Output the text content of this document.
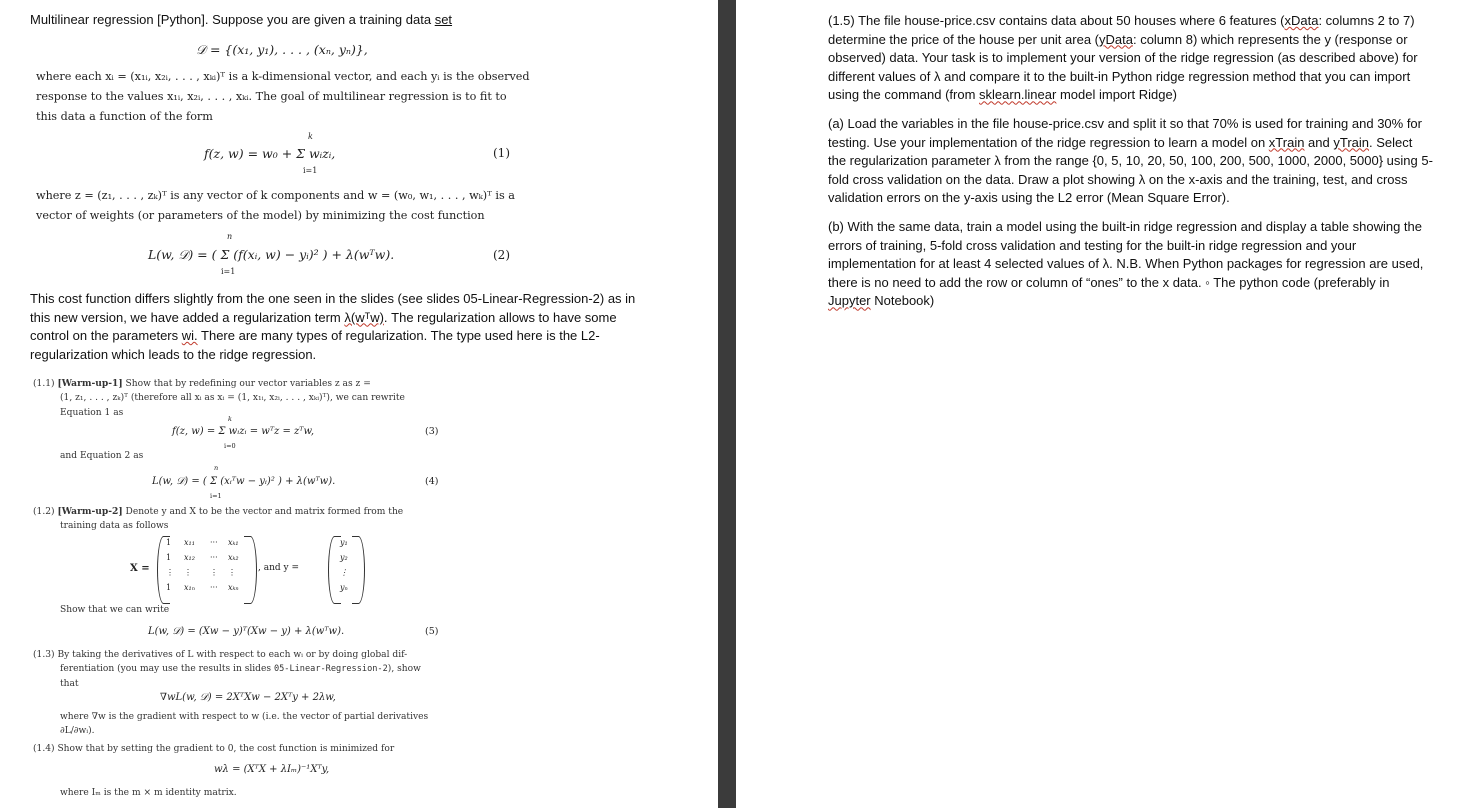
Multilinear regression [Python]. Suppose you are given a training data set
𝒟 = {(x₁, y₁), . . . , (xₙ, yₙ)},
where each xᵢ = (x₁ᵢ, x₂ᵢ, . . . , xₖᵢ)ᵀ is a k-dimensional vector, and each yᵢ is the observed
response to the values x₁ᵢ, x₂ᵢ, . . . , xₖᵢ. The goal of multilinear regression is to fit to
this data a function of the form
f(z, w) = w₀ + Σ wᵢzᵢ,
k
i=1
(1)
where z = (z₁, . . . , zₖ)ᵀ is any vector of k components and w = (w₀, w₁, . . . , wₖ)ᵀ is a
vector of weights (or parameters of the model) by minimizing the cost function
L(w, 𝒟) = ( Σ (f(xᵢ, w) − yᵢ)² ) + λ(wᵀw).
n
i=1
(2)
This cost function differs slightly from the one seen in the slides (see slides 05-Linear-Regression-2) as in
this new version, we have added a regularization term λ(wᵀw). The regularization allows to have some
control on the parameters wi. There are many types of regularization. The type used here is the L2-
regularization which leads to the ridge regression.
(1.1) [Warm-up-1] Show that by redefining our vector variables z as z =
(1, z₁, . . . , zₖ)ᵀ (therefore all xᵢ as xᵢ = (1, x₁ᵢ, x₂ᵢ, . . . , xₖᵢ)ᵀ), we can rewrite
Equation 1 as
f(z, w) = Σ wᵢzᵢ = wᵀz = zᵀw,
k
i=0
(3)
and Equation 2 as
L(w, 𝒟) = ( Σ (xᵢᵀw − yᵢ)² ) + λ(wᵀw).
n
i=1
(4)
(1.2) [Warm-up-2] Denote y and X to be the vector and matrix formed from the
training data as follows
X =
1 x₁₁ ··· xₖ₁
1 x₁₂ ··· xₖ₂
⋮ ⋮ ⋮ ⋮
1 x₁ₙ ··· xₖₙ
, and y =
y₁
y₂
⋮
yₙ
Show that we can write
L(w, 𝒟) = (Xw − y)ᵀ(Xw − y) + λ(wᵀw).	(5)
(1.3) By taking the derivatives of L with respect to each wᵢ or by doing global dif-
ferentiation (you may use the results in slides 05-Linear-Regression-2), show
that
∇wL(w, 𝒟) = 2XᵀXw − 2Xᵀy + 2λw,
where ∇w is the gradient with respect to w (i.e. the vector of partial derivatives
∂L/∂wᵢ).
(1.4) Show that by setting the gradient to 0, the cost function is minimized for
wλ = (XᵀX + λIₘ)⁻¹Xᵀy,
where Iₘ is the m × m identity matrix.
(1.5) The file house-price.csv contains data about 50 houses where 6 features (xData: columns 2 to 7)
determine the price of the house per unit area (yData: column 8) which represents the y (response or
observed) data. Your task is to implement your version of the ridge regression (as described above) for
different values of λ and compare it to the built-in Python ridge regression method that you can import
using the command (from sklearn.linear model import Ridge)
(a) Load the variables in the file house-price.csv and split it so that 70% is used for training and 30% for
testing. Use your implementation of the ridge regression to learn a model on xTrain and yTrain. Select
the regularization parameter λ from the range {0, 5, 10, 20, 50, 100, 200, 500, 1000, 2000, 5000} using 5-
fold cross validation on the data. Draw a plot showing λ on the x-axis and the training, test, and cross
validation errors on the y-axis using the L2 error (Mean Square Error).
(b) With the same data, train a model using the built-in ridge regression and display a table showing the
errors of training, 5-fold cross validation and testing for the built-in ridge regression and your
implementation for at least 4 selected values of λ. N.B. When Python packages for regression are used,
there is no need to add the row or column of “ones” to the x data. ◦ The python code (preferably in
Jupyter Notebook)
